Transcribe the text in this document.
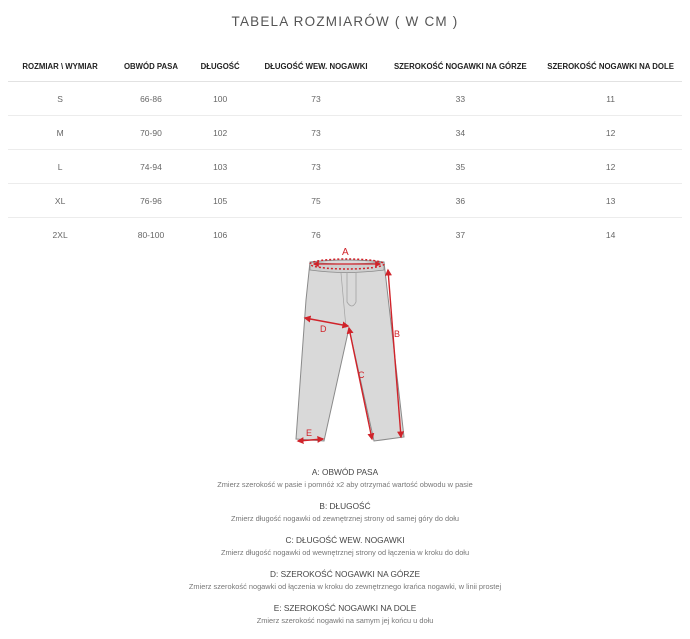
TABELA ROZMIARÓW ( W CM )
ROZMIAR \ WYMIAR	OBWÓD PASA	DŁUGOŚĆ	DŁUGOŚĆ WEW. NOGAWKI	SZEROKOŚĆ NOGAWKI NA GÓRZE	SZEROKOŚĆ NOGAWKI NA DOLE
S	66-86	100	73	33	11
M	70-90	102	73	34	12
L	74-94	103	73	35	12
XL	76-96	105	75	36	13
2XL	80-100	106	76	37	14
A
B
C
D
E
A: OBWÓD PASA
Zmierz szerokość w pasie i pomnóż x2 aby otrzymać wartość obwodu w pasie
B: DŁUGOŚĆ
Zmierz długość nogawki od zewnętrznej strony od samej góry do dołu
C: DŁUGOŚĆ WEW. NOGAWKI
Zmierz długość nogawki od wewnętrznej strony od łączenia w kroku do dołu
D: SZEROKOŚĆ NOGAWKI NA GÓRZE
Zmierz szerokość nogawki od łączenia w kroku do zewnętrznego krańca nogawki, w linii prostej
E: SZEROKOŚĆ NOGAWKI NA DOLE
Zmierz szerokość nogawki na samym jej końcu u dołu
